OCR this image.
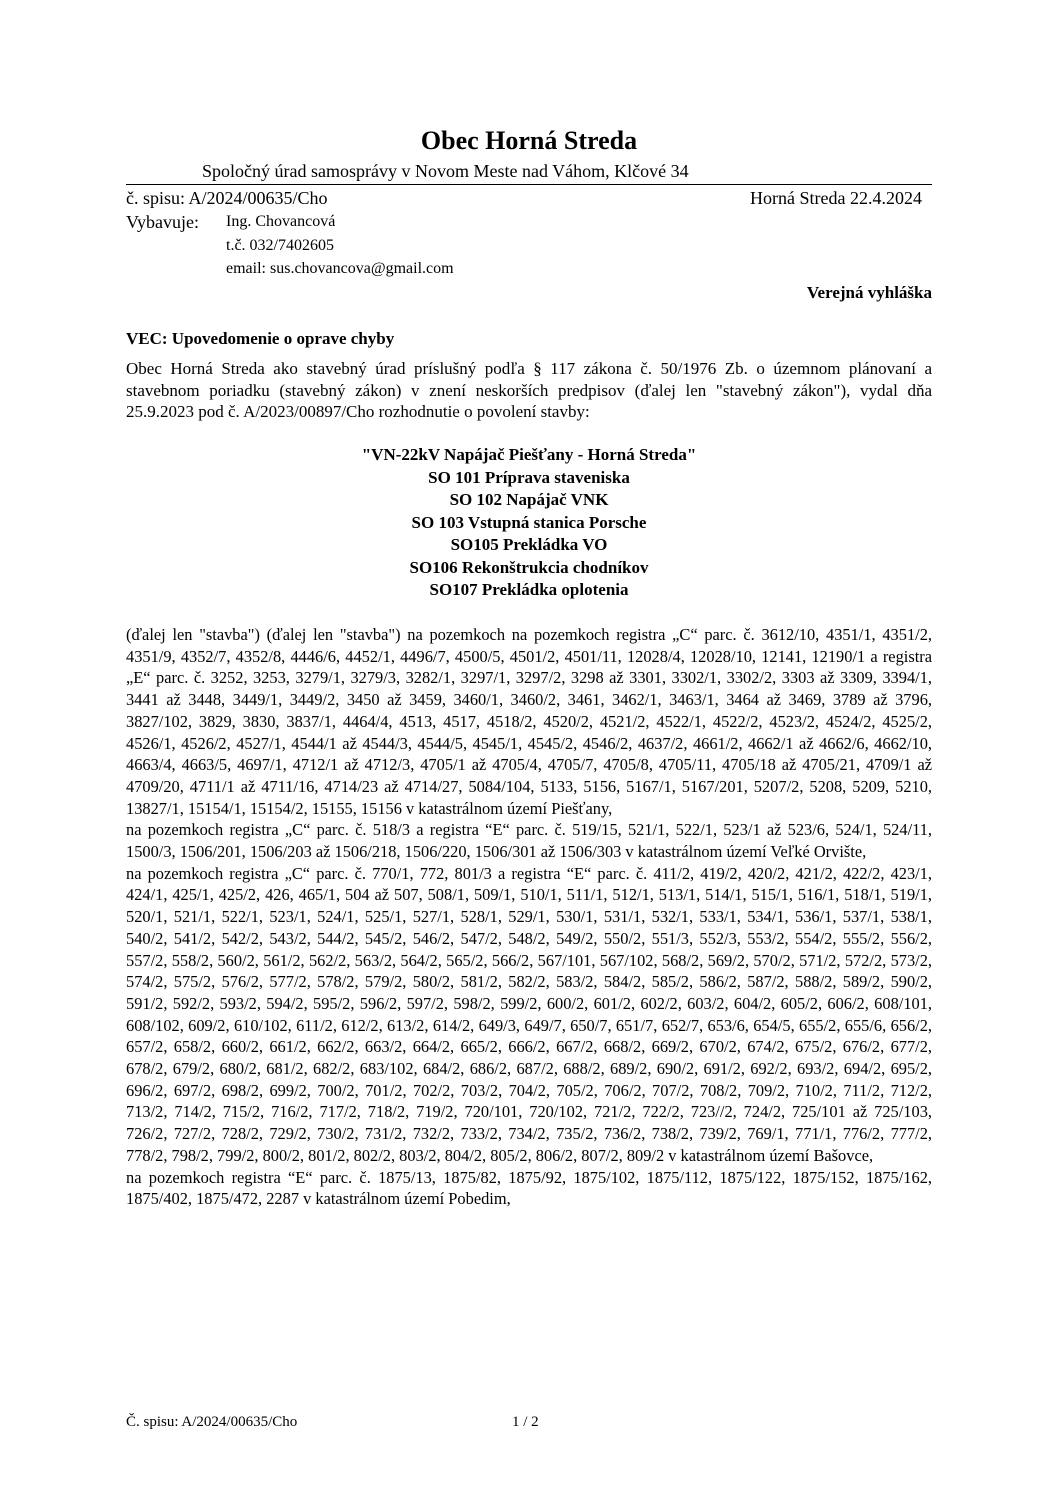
Obec Horná Streda
Spoločný úrad samosprávy v Novom Meste nad Váhom, Klčové 34
č. spisu: A/2024/00635/Cho	Horná Streda 22.4.2024
Vybavuje: Ing. Chovancová
t.č. 032/7402605
email: sus.chovancova@gmail.com
Verejná vyhláška
VEC: Upovedomenie o oprave chyby
Obec Horná Streda ako stavebný úrad príslušný podľa § 117 zákona č. 50/1976 Zb. o územnom plánovaní a stavebnom poriadku (stavebný zákon) v znení neskorších predpisov (ďalej len "stavebný zákon"), vydal dňa 25.9.2023 pod č. A/2023/00897/Cho rozhodnutie o povolení stavby:
"VN-22kV Napájač Piešťany - Horná Streda"
SO 101 Príprava staveniska
SO 102 Napájač VNK
SO 103 Vstupná stanica Porsche
SO105 Prekládka VO
SO106 Rekonštrukcia chodníkov
SO107 Prekládka oplotenia

(ďalej len "stavba") (ďalej len "stavba") na pozemkoch na pozemkoch registra „C“ parc. č. 3612/10, 4351/1, 4351/2, 4351/9, 4352/7, 4352/8, 4446/6, 4452/1, 4496/7, 4500/5, 4501/2, 4501/11, 12028/4, 12028/10, 12141, 12190/1 a registra „E“ parc. č. 3252, 3253, 3279/1, 3279/3, 3282/1, 3297/1, 3297/2, 3298 až 3301, 3302/1, 3302/2, 3303 až 3309, 3394/1, 3441 až 3448, 3449/1, 3449/2, 3450 až 3459, 3460/1, 3460/2, 3461, 3462/1, 3463/1, 3464 až 3469, 3789 až 3796, 3827/102, 3829, 3830, 3837/1, 4464/4, 4513, 4517, 4518/2, 4520/2, 4521/2, 4522/1, 4522/2, 4523/2, 4524/2, 4525/2, 4526/1, 4526/2, 4527/1, 4544/1 až 4544/3, 4544/5, 4545/1, 4545/2, 4546/2, 4637/2, 4661/2, 4662/1 až 4662/6, 4662/10, 4663/4, 4663/5, 4697/1, 4712/1 až 4712/3, 4705/1 až 4705/4, 4705/7, 4705/8, 4705/11, 4705/18 až 4705/21, 4709/1 až 4709/20, 4711/1 až 4711/16, 4714/23 až 4714/27, 5084/104, 5133, 5156, 5167/1, 5167/201, 5207/2, 5208, 5209, 5210, 13827/1, 15154/1, 15154/2, 15155, 15156 v katastrálnom území Piešťany,

na pozemkoch registra „C“ parc. č. 518/3 a registra “E“ parc. č. 519/15, 521/1, 522/1, 523/1 až 523/6, 524/1, 524/11, 1500/3, 1506/201, 1506/203 až 1506/218, 1506/220, 1506/301 až 1506/303 v katastrálnom území Veľké Orvište,

na pozemkoch registra „C“ parc. č. 770/1, 772, 801/3 a registra “E“ parc. č. 411/2, 419/2, 420/2, 421/2, 422/2, 423/1, 424/1, 425/1, 425/2, 426, 465/1, 504 až 507, 508/1, 509/1, 510/1, 511/1, 512/1, 513/1, 514/1, 515/1, 516/1, 518/1, 519/1, 520/1, 521/1, 522/1, 523/1, 524/1, 525/1, 527/1, 528/1, 529/1, 530/1, 531/1, 532/1, 533/1, 534/1, 536/1, 537/1, 538/1, 540/2, 541/2, 542/2, 543/2, 544/2, 545/2, 546/2, 547/2, 548/2, 549/2, 550/2, 551/3, 552/3, 553/2, 554/2, 555/2, 556/2, 557/2, 558/2, 560/2, 561/2, 562/2, 563/2, 564/2, 565/2, 566/2, 567/101, 567/102, 568/2, 569/2, 570/2, 571/2, 572/2, 573/2, 574/2, 575/2, 576/2, 577/2, 578/2, 579/2, 580/2, 581/2, 582/2, 583/2, 584/2, 585/2, 586/2, 587/2, 588/2, 589/2, 590/2, 591/2, 592/2, 593/2, 594/2, 595/2, 596/2, 597/2, 598/2, 599/2, 600/2, 601/2, 602/2, 603/2, 604/2, 605/2, 606/2, 608/101, 608/102, 609/2, 610/102, 611/2, 612/2, 613/2, 614/2, 649/3, 649/7, 650/7, 651/7, 652/7, 653/6, 654/5, 655/2, 655/6, 656/2, 657/2, 658/2, 660/2, 661/2, 662/2, 663/2, 664/2, 665/2, 666/2, 667/2, 668/2, 669/2, 670/2, 674/2, 675/2, 676/2, 677/2, 678/2, 679/2, 680/2, 681/2, 682/2, 683/102, 684/2, 686/2, 687/2, 688/2, 689/2, 690/2, 691/2, 692/2, 693/2, 694/2, 695/2, 696/2, 697/2, 698/2, 699/2, 700/2, 701/2, 702/2, 703/2, 704/2, 705/2, 706/2, 707/2, 708/2, 709/2, 710/2, 711/2, 712/2, 713/2, 714/2, 715/2, 716/2, 717/2, 718/2, 719/2, 720/101, 720/102, 721/2, 722/2, 723//2, 724/2, 725/101 až 725/103, 726/2, 727/2, 728/2, 729/2, 730/2, 731/2, 732/2, 733/2, 734/2, 735/2, 736/2, 738/2, 739/2, 769/1, 771/1, 776/2, 777/2, 778/2, 798/2, 799/2, 800/2, 801/2, 802/2, 803/2, 804/2, 805/2, 806/2, 807/2, 809/2 v katastrálnom území Bašovce,

na pozemkoch registra “E“ parc. č. 1875/13, 1875/82, 1875/92, 1875/102, 1875/112, 1875/122, 1875/152, 1875/162, 1875/402, 1875/472, 2287 v katastrálnom území Pobedim,

Č. spisu: A/2024/00635/Cho	1 / 2
